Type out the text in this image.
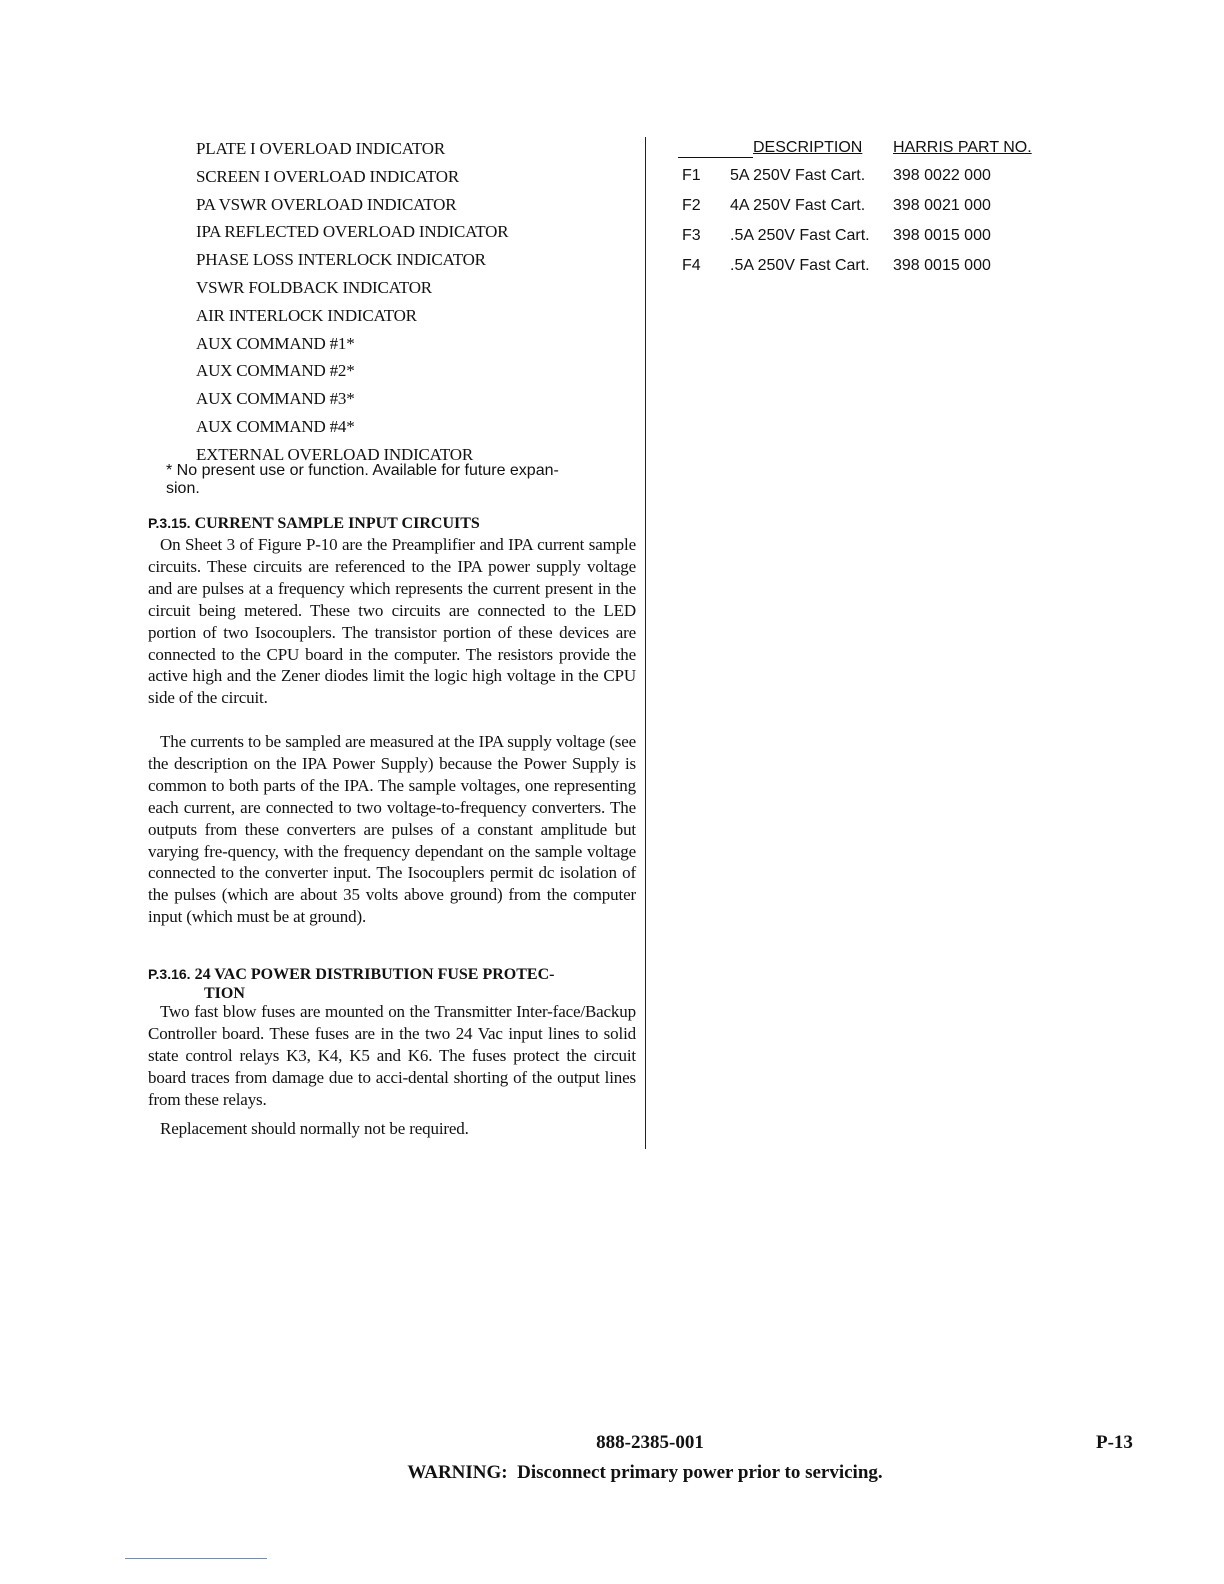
PLATE I OVERLOAD INDICATOR
SCREEN I OVERLOAD INDICATOR
PA VSWR OVERLOAD INDICATOR
IPA REFLECTED OVERLOAD INDICATOR
PHASE LOSS INTERLOCK INDICATOR
VSWR FOLDBACK INDICATOR
AIR INTERLOCK INDICATOR
AUX COMMAND #1*
AUX COMMAND #2*
AUX COMMAND #3*
AUX COMMAND #4*
EXTERNAL OVERLOAD INDICATOR
* No present use or function. Available for future expan-
sion.
P.3.15. CURRENT SAMPLE INPUT CIRCUITS
On Sheet 3 of Figure P-10 are the Preamplifier and IPA current sample circuits. These circuits are referenced to the IPA power supply voltage and are pulses at a frequency which represents the current present in the circuit being metered. These two circuits are connected to the LED portion of two Isocouplers. The transistor portion of these devices are connected to the CPU board in the computer. The resistors provide the active high and the Zener diodes limit the logic high voltage in the CPU side of the circuit.
The currents to be sampled are measured at the IPA supply voltage (see the description on the IPA Power Supply) because the Power Supply is common to both parts of the IPA. The sample voltages, one representing each current, are connected to two voltage-to-frequency converters. The outputs from these converters are pulses of a constant amplitude but varying fre-quency, with the frequency dependant on the sample voltage connected to the converter input. The Isocouplers permit dc isolation of the pulses (which are about 35 volts above ground) from the computer input (which must be at ground).
P.3.16. 24 VAC POWER DISTRIBUTION FUSE PROTEC-
TION
Two fast blow fuses are mounted on the Transmitter Inter-face/Backup Controller board. These fuses are in the two 24 Vac input lines to solid state control relays K3, K4, K5 and K6. The fuses protect the circuit board traces from damage due to acci-dental shorting of the output lines from these relays.
Replacement should normally not be required.
DESCRIPTION HARRIS PART NO.
F1 5A 250V Fast Cart. 398 0022 000
F2 4A 250V Fast Cart. 398 0021 000
F3 .5A 250V Fast Cart. 398 0015 000
F4 .5A 250V Fast Cart. 398 0015 000
888-2385-001	P-13
WARNING:  Disconnect primary power prior to servicing.
